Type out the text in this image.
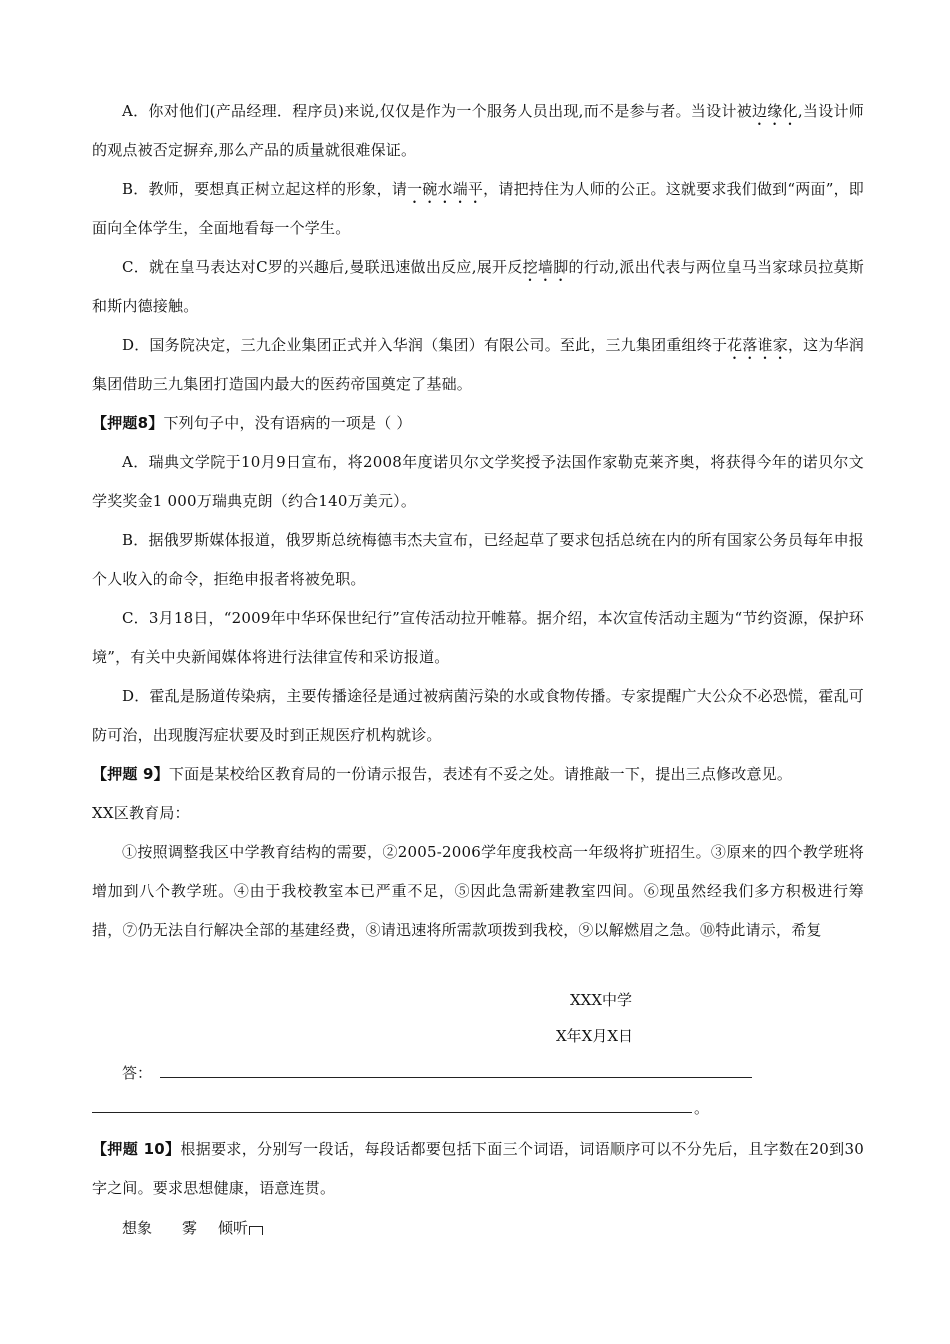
A．你对他们(产品经理．程序员)来说,仅仅是作为一个服务人员出现,而不是参与者。当设计被边缘化,当设计师的观点被否定摒弃,那么产品的质量就很难保证。

B．教师，要想真正树立起这样的形象，请一碗水端平，请把持住为人师的公正。这就要求我们做到“两面”，即面向全体学生，全面地看每一个学生。

C．就在皇马表达对C罗的兴趣后,曼联迅速做出反应,展开反挖墙脚的行动,派出代表与两位皇马当家球员拉莫斯和斯内德接触。

D．国务院决定，三九企业集团正式并入华润（集团）有限公司。至此，三九集团重组终于花落谁家，这为华润集团借助三九集团打造国内最大的医药帝国奠定了基础。

【押题8】下列句子中，没有语病的一项是（ ）

A．瑞典文学院于10月9日宣布，将2008年度诺贝尔文学奖授予法国作家勒克莱齐奥，将获得今年的诺贝尔文学奖奖金1 000万瑞典克朗（约合140万美元）。

B．据俄罗斯媒体报道，俄罗斯总统梅德韦杰夫宣布，已经起草了要求包括总统在内的所有国家公务员每年申报个人收入的命令，拒绝申报者将被免职。

C．3月18日，“2009年中华环保世纪行”宣传活动拉开帷幕。据介绍，本次宣传活动主题为“节约资源，保护环境”，有关中央新闻媒体将进行法律宣传和采访报道。

D．霍乱是肠道传染病，主要传播途径是通过被病菌污染的水或食物传播。专家提醒广大公众不必恐慌，霍乱可防可治，出现腹泻症状要及时到正规医疗机构就诊。

【押题 9】下面是某校给区教育局的一份请示报告，表述有不妥之处。请推敲一下，提出三点修改意见。

XX区教育局：

①按照调整我区中学教育结构的需要，②2005-2006学年度我校高一年级将扩班招生。③原来的四个教学班将增加到八个教学班。④由于我校教室本已严重不足，⑤因此急需新建教室四间。⑥现虽然经我们多方积极进行筹措，⑦仍无法自行解决全部的基建经费，⑧请迅速将所需款项拨到我校，⑨以解燃眉之急。⑩特此请示，希复

XXX中学
X年X月X日
答：
。

【押题 10】根据要求，分别写一段话，每段话都要包括下面三个词语，词语顺序可以不分先后，且字数在20到30字之间。要求思想健康，语意连贯。

想象 雾 倾听
